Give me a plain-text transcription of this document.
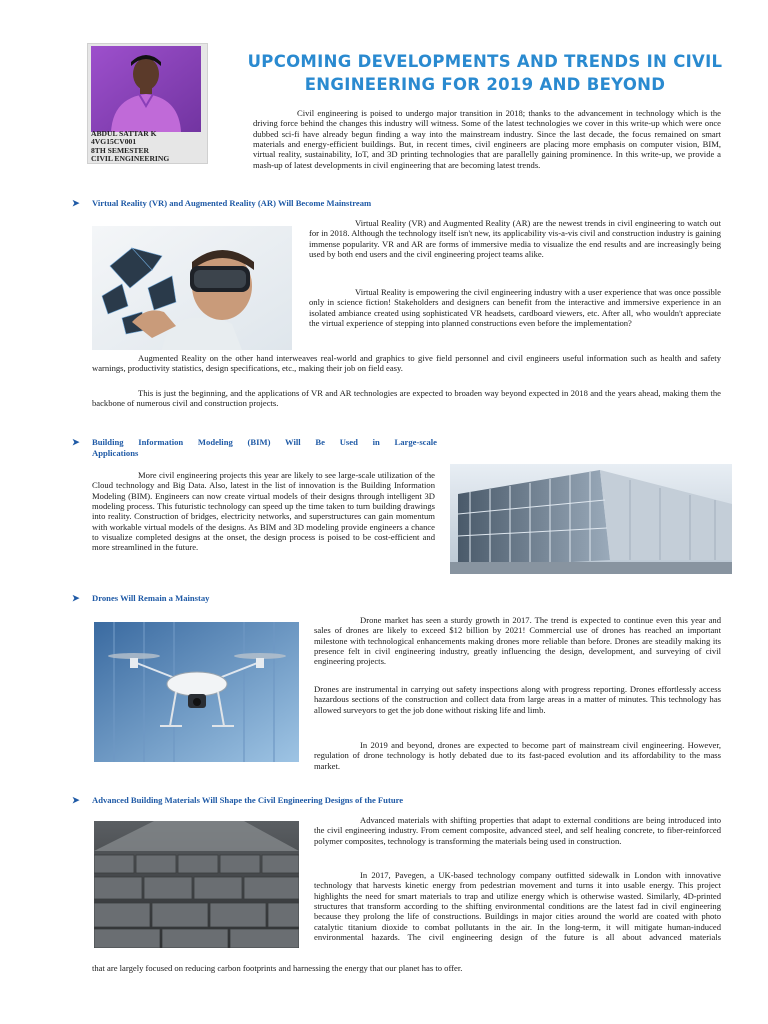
ABDUL SATTAR K
4VG15CV001
8TH SEMESTER
CIVIL ENGINEERING
UPCOMING DEVELOPMENTS AND TRENDS IN CIVIL
ENGINEERING FOR 2019 AND BEYOND

Civil engineering is poised to undergo major transition in 2018; thanks to the advancement in technology which is the driving force behind the changes this industry will witness. Some of the latest technologies we cover in this write-up which were once dubbed sci-fi have already begun finding a way into the mainstream industry. Since the last decade, the focus remained on smart materials and energy-efficient buildings. But, in recent times, civil engineers are placing more emphasis on computer vision, BIM, virtual reality, sustainability, IoT, and 3D printing technologies that are parallelly gaining prominence. In this write-up, we provide a mash-up of latest developments in civil engineering that are becoming latest trends.

➤ Virtual Reality (VR) and Augmented Reality (AR) Will Become Mainstream

Virtual Reality (VR) and Augmented Reality (AR) are the newest trends in civil engineering to watch out for in 2018. Although the technology itself isn't new, its applicability vis-a-vis civil and construction industry is gaining immense popularity. VR and AR are forms of immersive media to visualize the end results and are increasingly being used by both end users and the civil engineering project teams alike.

Virtual Reality is empowering the civil engineering industry with a user experience that was once possible only in science fiction! Stakeholders and designers can benefit from the interactive and immersive experience in an isolated ambiance created using sophisticated VR headsets, cardboard viewers, etc. After all, who wouldn't appreciate the virtual experience of stepping into planned constructions even before the implementation?

Augmented Reality on the other hand interweaves real-world and graphics to give field personnel and civil engineers useful information such as health and safety warnings, productivity statistics, design specifications, etc., making their job on field easy.

This is just the beginning, and the applications of VR and AR technologies are expected to broaden way beyond expected in 2018 and the years ahead, making them the backbone of numerous civil and construction projects.

➤ Building Information Modeling (BIM) Will Be Used in Large-scale
Applications

More civil engineering projects this year are likely to see large-scale utilization of the Cloud technology and Big Data. Also, latest in the list of innovation is the Building Information Modeling (BIM). Engineers can now create virtual models of their designs through intelligent 3D modeling process. This futuristic technology can speed up the time taken to turn building drawings into reality. Construction of bridges, electricity networks, and superstructures can gain momentum with workable virtual models of the designs. As BIM and 3D modeling provide engineers a chance to visualize completed designs at the onset, the design process is poised to be cost-efficient and more streamlined in the future.

➤ Drones Will Remain a Mainstay

Drone market has seen a sturdy growth in 2017. The trend is expected to continue even this year and sales of drones are likely to exceed $12 billion by 2021! Commercial use of drones has reached an important milestone with technological enhancements making drones more reliable than before. Drones are steadily making its presence felt in civil engineering industry, greatly influencing the design, development, and surveying of civil engineering projects.

Drones are instrumental in carrying out safety inspections along with progress reporting. Drones effortlessly access hazardous sections of the construction and collect data from large areas in a matter of minutes. This technology has allowed surveyors to get the job done without risking life and limb.

In 2019 and beyond, drones are expected to become part of mainstream civil engineering. However, regulation of drone technology is hotly debated due to its fast-paced evolution and its affordability to the mass market.

➤ Advanced Building Materials Will Shape the Civil Engineering Designs of the Future

Advanced materials with shifting properties that adapt to external conditions are being introduced into the civil engineering industry. From cement composite, advanced steel, and self healing concrete, to fiber-reinforced polymer composites, technology is transforming the materials being used in construction.

In 2017, Pavegen, a UK-based technology company outfitted sidewalk in London with innovative technology that harvests kinetic energy from pedestrian movement and turns it into usable energy. This project highlights the need for smart materials to trap and utilize energy which is otherwise wasted. Similarly, 4D-printed structures that transform according to the shifting environmental conditions are the latest fad in civil engineering because they prolong the life of constructions. Buildings in major cities around the world are coated with photo catalytic titanium dioxide to combat pollutants in the air. In the long-term, it will mitigate human-induced environmental hazards. The civil engineering design of the future is all about advanced materials

that are largely focused on reducing carbon footprints and harnessing the energy that our planet has to offer.
